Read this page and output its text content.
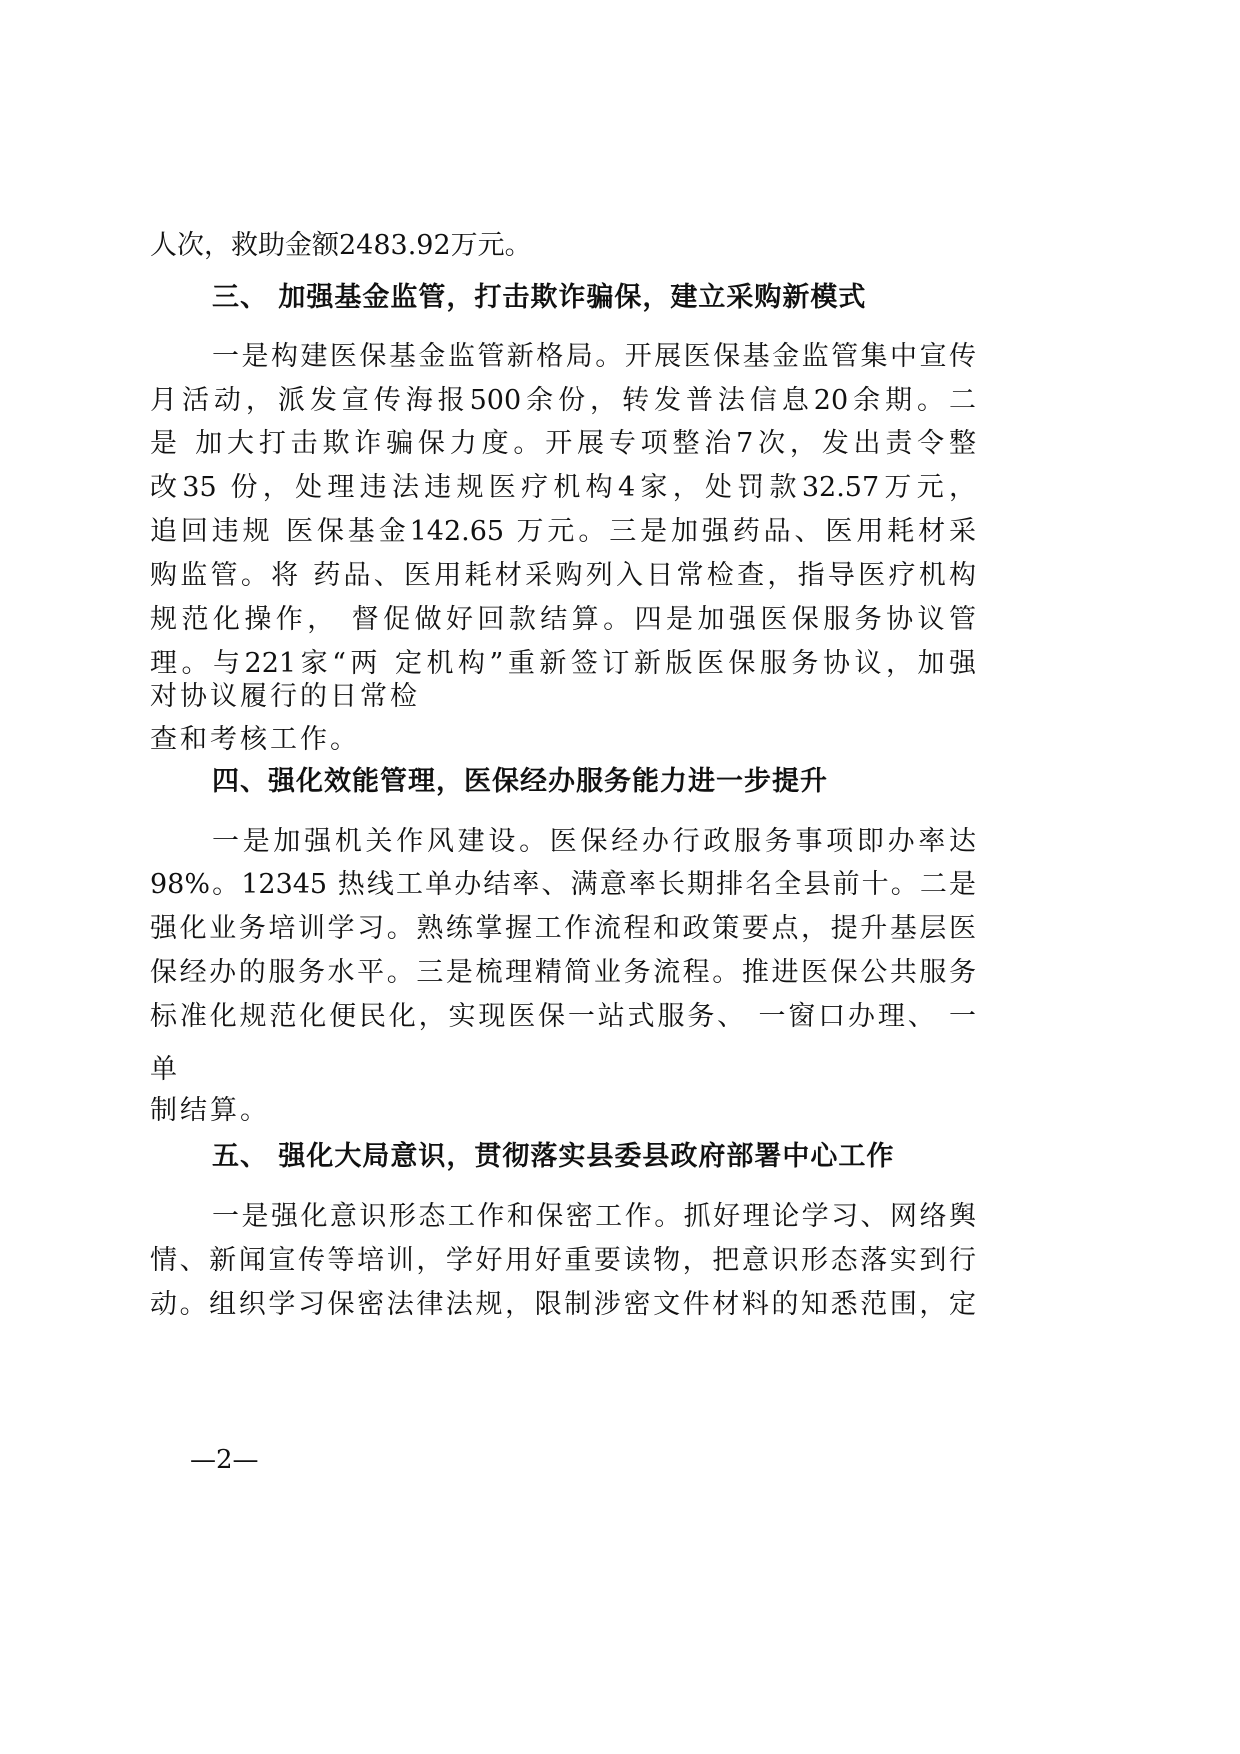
人次，救助金额2483.92万元。
三、 加强基金监管，打击欺诈骗保，建立采购新模式
一是构建医保基金监管新格局。开展医保基金监管集中宣传
月活动，派发宣传海报500余份，转发普法信息20余期。二
是 加大打击欺诈骗保力度。开展专项整治7次，发出责令整
改35 份，处理违法违规医疗机构4家，处罚款32.57万元，
追回违规 医保基金142.65 万元。三是加强药品、医用耗材采
购监管。将 药品、医用耗材采购列入日常检查，指导医疗机构
规范化操作， 督促做好回款结算。四是加强医保服务协议管
理。与221家“两 定机构”重新签订新版医保服务协议，加强
对协议履行的日常检
查和考核工作。
四、强化效能管理，医保经办服务能力进一步提升
一是加强机关作风建设。医保经办行政服务事项即办率达
98%。12345 热线工单办结率、满意率长期排名全县前十。二是
强化业务培训学习。熟练掌握工作流程和政策要点，提升基层医
保经办的服务水平。三是梳理精简业务流程。推进医保公共服务
标准化规范化便民化，实现医保一站式服务、 一窗口办理、 一
单
制结算。
五、 强化大局意识，贯彻落实县委县政府部署中心工作
一是强化意识形态工作和保密工作。抓好理论学习、网络舆
情、新闻宣传等培训，学好用好重要读物，把意识形态落实到行
动。组织学习保密法律法规，限制涉密文件材料的知悉范围，定
—2—
